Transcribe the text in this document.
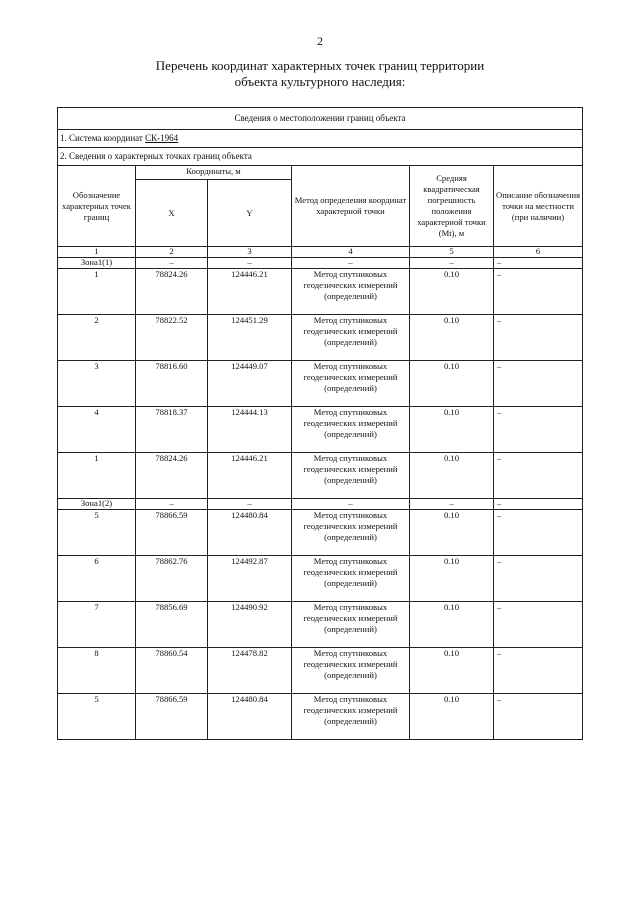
2
Перечень координат характерных точек границ территории
объекта культурного наследия:
Сведения о местоположении границ объекта					
1. Система координат СК-1964					
2. Сведения о характерных точках границ объекта					
Обозначение характерных точек границ	Координаты, м		Метод определения координат характерной точки	Средняя квадратическая погрешность положения характерной точки (Mt), м	Описание обозначения точки на местности (при наличии)
	X	Y			
1	2	3	4	5	6
Зона1(1)	–	–	–	–	–
1	78824.26	124446.21	Метод спутниковых геодезических измерений (определений)	0.10	–
2	78822.52	124451.29	Метод спутниковых геодезических измерений (определений)	0.10	–
3	78816.60	124449.07	Метод спутниковых геодезических измерений (определений)	0.10	–
4	78818.37	124444.13	Метод спутниковых геодезических измерений (определений)	0.10	–
1	78824.26	124446.21	Метод спутниковых геодезических измерений (определений)	0.10	–
Зона1(2)	–	–	–	–	–
5	78866.59	124480.84	Метод спутниковых геодезических измерений (определений)	0.10	–
6	78862.76	124492.87	Метод спутниковых геодезических измерений (определений)	0.10	–
7	78856.69	124490.92	Метод спутниковых геодезических измерений (определений)	0.10	–
8	78860.54	124478.82	Метод спутниковых геодезических измерений (определений)	0.10	–
5	78866.59	124480.84	Метод спутниковых геодезических измерений (определений)	0.10	–
